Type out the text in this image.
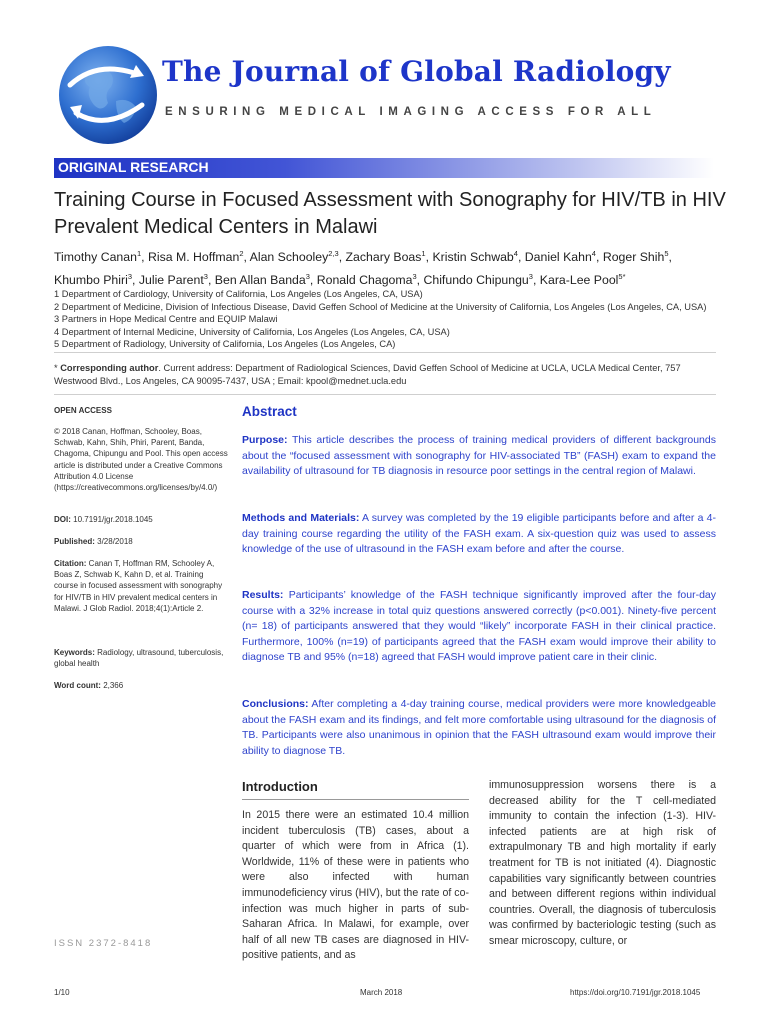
The Journal of Global Radiology
ENSURING MEDICAL IMAGING ACCESS FOR ALL
ORIGINAL RESEARCH
Training Course in Focused Assessment with Sonography for HIV/TB in HIV Prevalent Medical Centers in Malawi
Timothy Canan$^1$, Risa M. Hoffman$^2$, Alan Schooley$^{2,3}$, Zachary Boas$^1$, Kristin Schwab$^4$, Daniel Kahn$^4$, Roger Shih$^5$,
Khumbo Phiri$^3$, Julie Parent$^3$, Ben Allan Banda$^3$, Ronald Chagoma$^3$, Chifundo Chipungu$^3$, Kara-Lee Pool$^{5*}$
1 Department of Cardiology, University of California, Los Angeles (Los Angeles, CA, USA)
2 Department of Medicine, Division of Infectious Disease, David Geffen School of Medicine at the University of California, Los Angeles (Los Angeles, CA, USA)
3 Partners in Hope Medical Centre and EQUIP Malawi
4 Department of Internal Medicine, University of California, Los Angeles (Los Angeles, CA, USA)
5 Department of Radiology, University of California, Los Angeles (Los Angeles, CA)
* Corresponding author. Current address: Department of Radiological Sciences, David Geffen School of Medicine at UCLA, UCLA Medical Center, 757 Westwood Blvd., Los Angeles, CA 90095-7437, USA ; Email: kpool@mednet.ucla.edu
OPEN ACCESS
© 2018 Canan, Hoffman, Schooley, Boas, Schwab, Kahn, Shih, Phiri, Parent, Banda, Chagoma, Chipungu and Pool. This open access article is distributed under a Creative Commons Attribution 4.0 License (https://creativecommons.org/licenses/by/4.0/)
DOI: 10.7191/jgr.2018.1045
Published: 3/28/2018
Citation: Canan T, Hoffman RM, Schooley A, Boas Z, Schwab K, Kahn D, et al. Training course in focused assessment with sonography for HIV/TB in HIV prevalent medical centers in Malawi. J Glob Radiol. 2018;4(1):Article 2.
Keywords: Radiology, ultrasound, tuberculosis, global health
Word count: 2,366
Abstract

Purpose: This article describes the process of training medical providers of different backgrounds about the “focused assessment with sonography for HIV-associated TB” (FASH) exam to expand the availability of ultrasound for TB diagnosis in resource poor settings in the central region of Malawi.

Methods and Materials: A survey was completed by the 19 eligible participants before and after a 4-day training course regarding the utility of the FASH exam. A six-question quiz was used to assess knowledge of the use of ultrasound in the FASH exam before and after the course.

Results: Participants’ knowledge of the FASH technique significantly improved after the four-day course with a 32% increase in total quiz questions answered correctly (p<0.001). Ninety-five percent (n= 18) of participants answered that they would “likely” incorporate FASH in their clinical practice. Furthermore, 100% (n=19) of participants agreed that the FASH exam would improve their ability to diagnose TB and 95% (n=18) agreed that FASH would improve patient care in their clinic.

Conclusions: After completing a 4-day training course, medical providers were more knowledgeable about the FASH exam and its findings, and felt more comfortable using ultrasound for the diagnosis of TB. Participants were also unanimous in opinion that the FASH ultrasound exam would improve their ability to diagnose TB.

Introduction
In 2015 there were an estimated 10.4 million incident tuberculosis (TB) cases, about a quarter of which were from in Africa (1). Worldwide, 11% of these were in patients who were also infected with human immunodeficiency virus (HIV), but the rate of co-infection was much higher in parts of sub-Saharan Africa. In Malawi, for example, over half of all new TB cases are diagnosed in HIV-positive patients, and as
immunosuppression worsens there is a decreased ability for the T cell-mediated immunity to contain the infection (1-3). HIV-infected patients are at high risk of extrapulmonary TB and high mortality if early treatment for TB is not initiated (4). Diagnostic capabilities vary significantly between countries and between different regions within individual countries. Overall, the diagnosis of tuberculosis was confirmed by bacteriologic testing (such as smear microscopy, culture, or
ISSN 2372-8418
1/10	March 2018	https://doi.org/10.7191/jgr.2018.1045
